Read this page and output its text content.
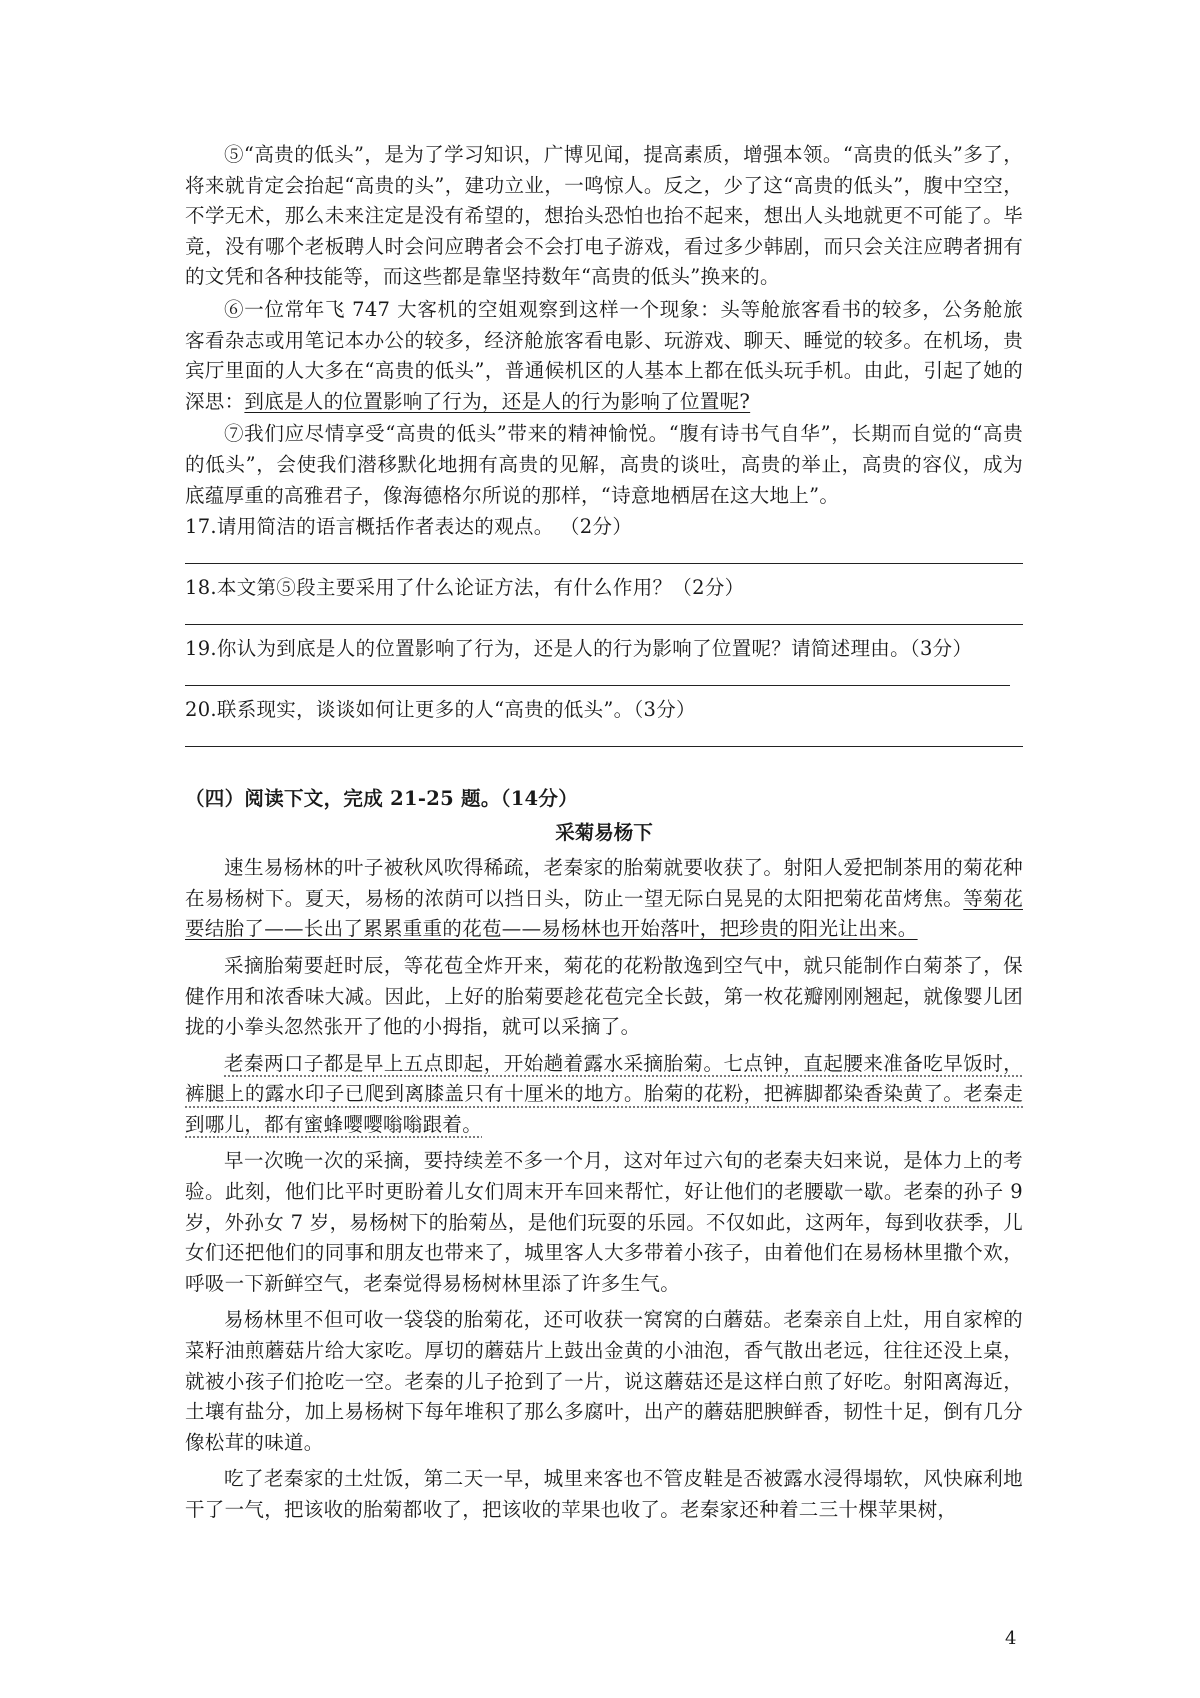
⑤“高贵的低头”，是为了学习知识，广博见闻，提高素质，增强本领。“高贵的低头”多了，将来就肯定会抬起“高贵的头”，建功立业，一鸣惊人。反之，少了这“高贵的低头”，腹中空空，不学无术，那么未来注定是没有希望的，想抬头恐怕也抬不起来，想出人头地就更不可能了。毕竟，没有哪个老板聘人时会问应聘者会不会打电子游戏，看过多少韩剧，而只会关注应聘者拥有的文凭和各种技能等，而这些都是靠坚持数年“高贵的低头”换来的。

⑥一位常年飞 747 大客机的空姐观察到这样一个现象：头等舱旅客看书的较多，公务舱旅客看杂志或用笔记本办公的较多，经济舱旅客看电影、玩游戏、聊天、睡觉的较多。在机场，贵宾厅里面的人大多在“高贵的低头”，普通候机区的人基本上都在低头玩手机。由此，引起了她的深思：到底是人的位置影响了行为，还是人的行为影响了位置呢?

⑦我们应尽情享受“高贵的低头”带来的精神愉悦。“腹有诗书气自华”，长期而自觉的“高贵的低头”，会使我们潜移默化地拥有高贵的见解，高贵的谈吐，高贵的举止，高贵的容仪，成为底蕴厚重的高雅君子，像海德格尔所说的那样，“诗意地栖居在这大地上”。

17.请用简洁的语言概括作者表达的观点。 （2分）
18.本文第⑤段主要采用了什么论证方法，有什么作用？（2分）
19.你认为到底是人的位置影响了行为，还是人的行为影响了位置呢？请简述理由。（3分）
20.联系现实，谈谈如何让更多的人“高贵的低头”。（3分）
（四）阅读下文，完成 21-25 题。（14分）
采菊易杨下

速生易杨林的叶子被秋风吹得稀疏，老秦家的胎菊就要收获了。射阳人爱把制茶用的菊花种在易杨树下。夏天，易杨的浓荫可以挡日头，防止一望无际白晃晃的太阳把菊花苗烤焦。等菊花要结胎了——长出了累累重重的花苞——易杨林也开始落叶，把珍贵的阳光让出来。

采摘胎菊要赶时辰，等花苞全炸开来，菊花的花粉散逸到空气中，就只能制作白菊茶了，保健作用和浓香味大减。因此，上好的胎菊要趁花苞完全长鼓，第一枚花瓣刚刚翘起，就像婴儿团拢的小拳头忽然张开了他的小拇指，就可以采摘了。

老秦两口子都是早上五点即起，开始趟着露水采摘胎菊。七点钟，直起腰来准备吃早饭时，裤腿上的露水印子已爬到离膝盖只有十厘米的地方。胎菊的花粉，把裤脚都染香染黄了。老秦走到哪儿，都有蜜蜂嘤嘤嗡嗡跟着。

早一次晚一次的采摘，要持续差不多一个月，这对年过六旬的老秦夫妇来说，是体力上的考验。此刻，他们比平时更盼着儿女们周末开车回来帮忙，好让他们的老腰歇一歇。老秦的孙子 9 岁，外孙女 7 岁，易杨树下的胎菊丛，是他们玩耍的乐园。不仅如此，这两年，每到收获季，儿女们还把他们的同事和朋友也带来了，城里客人大多带着小孩子，由着他们在易杨林里撒个欢，呼吸一下新鲜空气，老秦觉得易杨树林里添了许多生气。

易杨林里不但可收一袋袋的胎菊花，还可收获一窝窝的白蘑菇。老秦亲自上灶，用自家榨的菜籽油煎蘑菇片给大家吃。厚切的蘑菇片上鼓出金黄的小油泡，香气散出老远，往往还没上桌，就被小孩子们抢吃一空。老秦的儿子抢到了一片，说这蘑菇还是这样白煎了好吃。射阳离海近，土壤有盐分，加上易杨树下每年堆积了那么多腐叶，出产的蘑菇肥腴鲜香，韧性十足，倒有几分像松茸的味道。

吃了老秦家的土灶饭，第二天一早，城里来客也不管皮鞋是否被露水浸得塌软，风快麻利地干了一气，把该收的胎菊都收了，把该收的苹果也收了。老秦家还种着二三十棵苹果树，

4
